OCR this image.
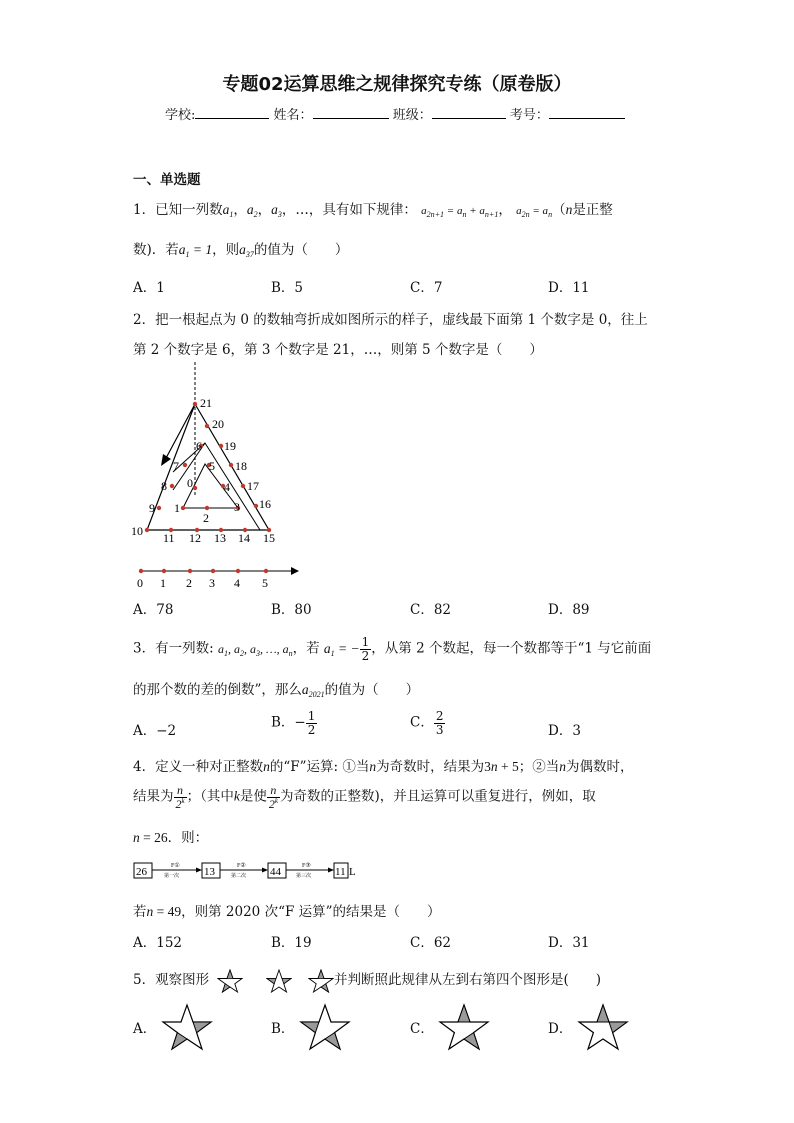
专题02运算思维之规律探究专练（原卷版）
学校:	姓名：	班级：	考号：
一、单选题
1．已知一列数$a_1$，$a_2$，$a_3$，…，具有如下规律： $a_{2n+1} = a_n + a_{n+1}$， $a_{2n} = a_n(n$是正整
数)．若$a_1 = 1$，则$a_{37}$的值为（　　）
A．1	B．5	C．7	D．11
2．把一根起点为 0 的数轴弯折成如图所示的样子，虚线最下面第 1 个数字是 0，往上
第 2 个数字是 6，第 3 个数字是 21，…，则第 5 个数字是（　　）
21
20
6 19
7	5 18
8 0	4 17
9 1	3 16
2
10 11 12 13 14 15
0 1 2 3 4 5
A．78	B．80	C．82	D．89
3．有一列数: $a_1$, $a_2$, $a_3$, …, $a_n$，若 $a_1$ = − $\frac{1}{2}$ ，从第 2 个数起，每一个数都等于“1 与它前面
的那个数的差的倒数”，那么$a_{2021}$的值为（　　）
A．−2
B．− $\frac{1}{2}$	C． $\frac{2}{3}$	D．3
4．定义一种对正整数n的“F”运算: ①当n为奇数时，结果为3n + 5；②当n为偶数时，
结果为 $\frac{n}{2^k}$ ；（其中k是使 $\frac{n}{2^k}$ 为奇数的正整数)，并且运算可以重复进行，例如，取
n = 26．则：
26	F①
第一次 13	F②
第二次 44	F③
第三次 11 L
若n = 49，则第 2020 次“F 运算”的结果是（　　）
A．152	B．19	C．62	D．31
5．观察图形	并判断照此规律从左到右第四个图形是(　　)
A．	B．	C．	D．
